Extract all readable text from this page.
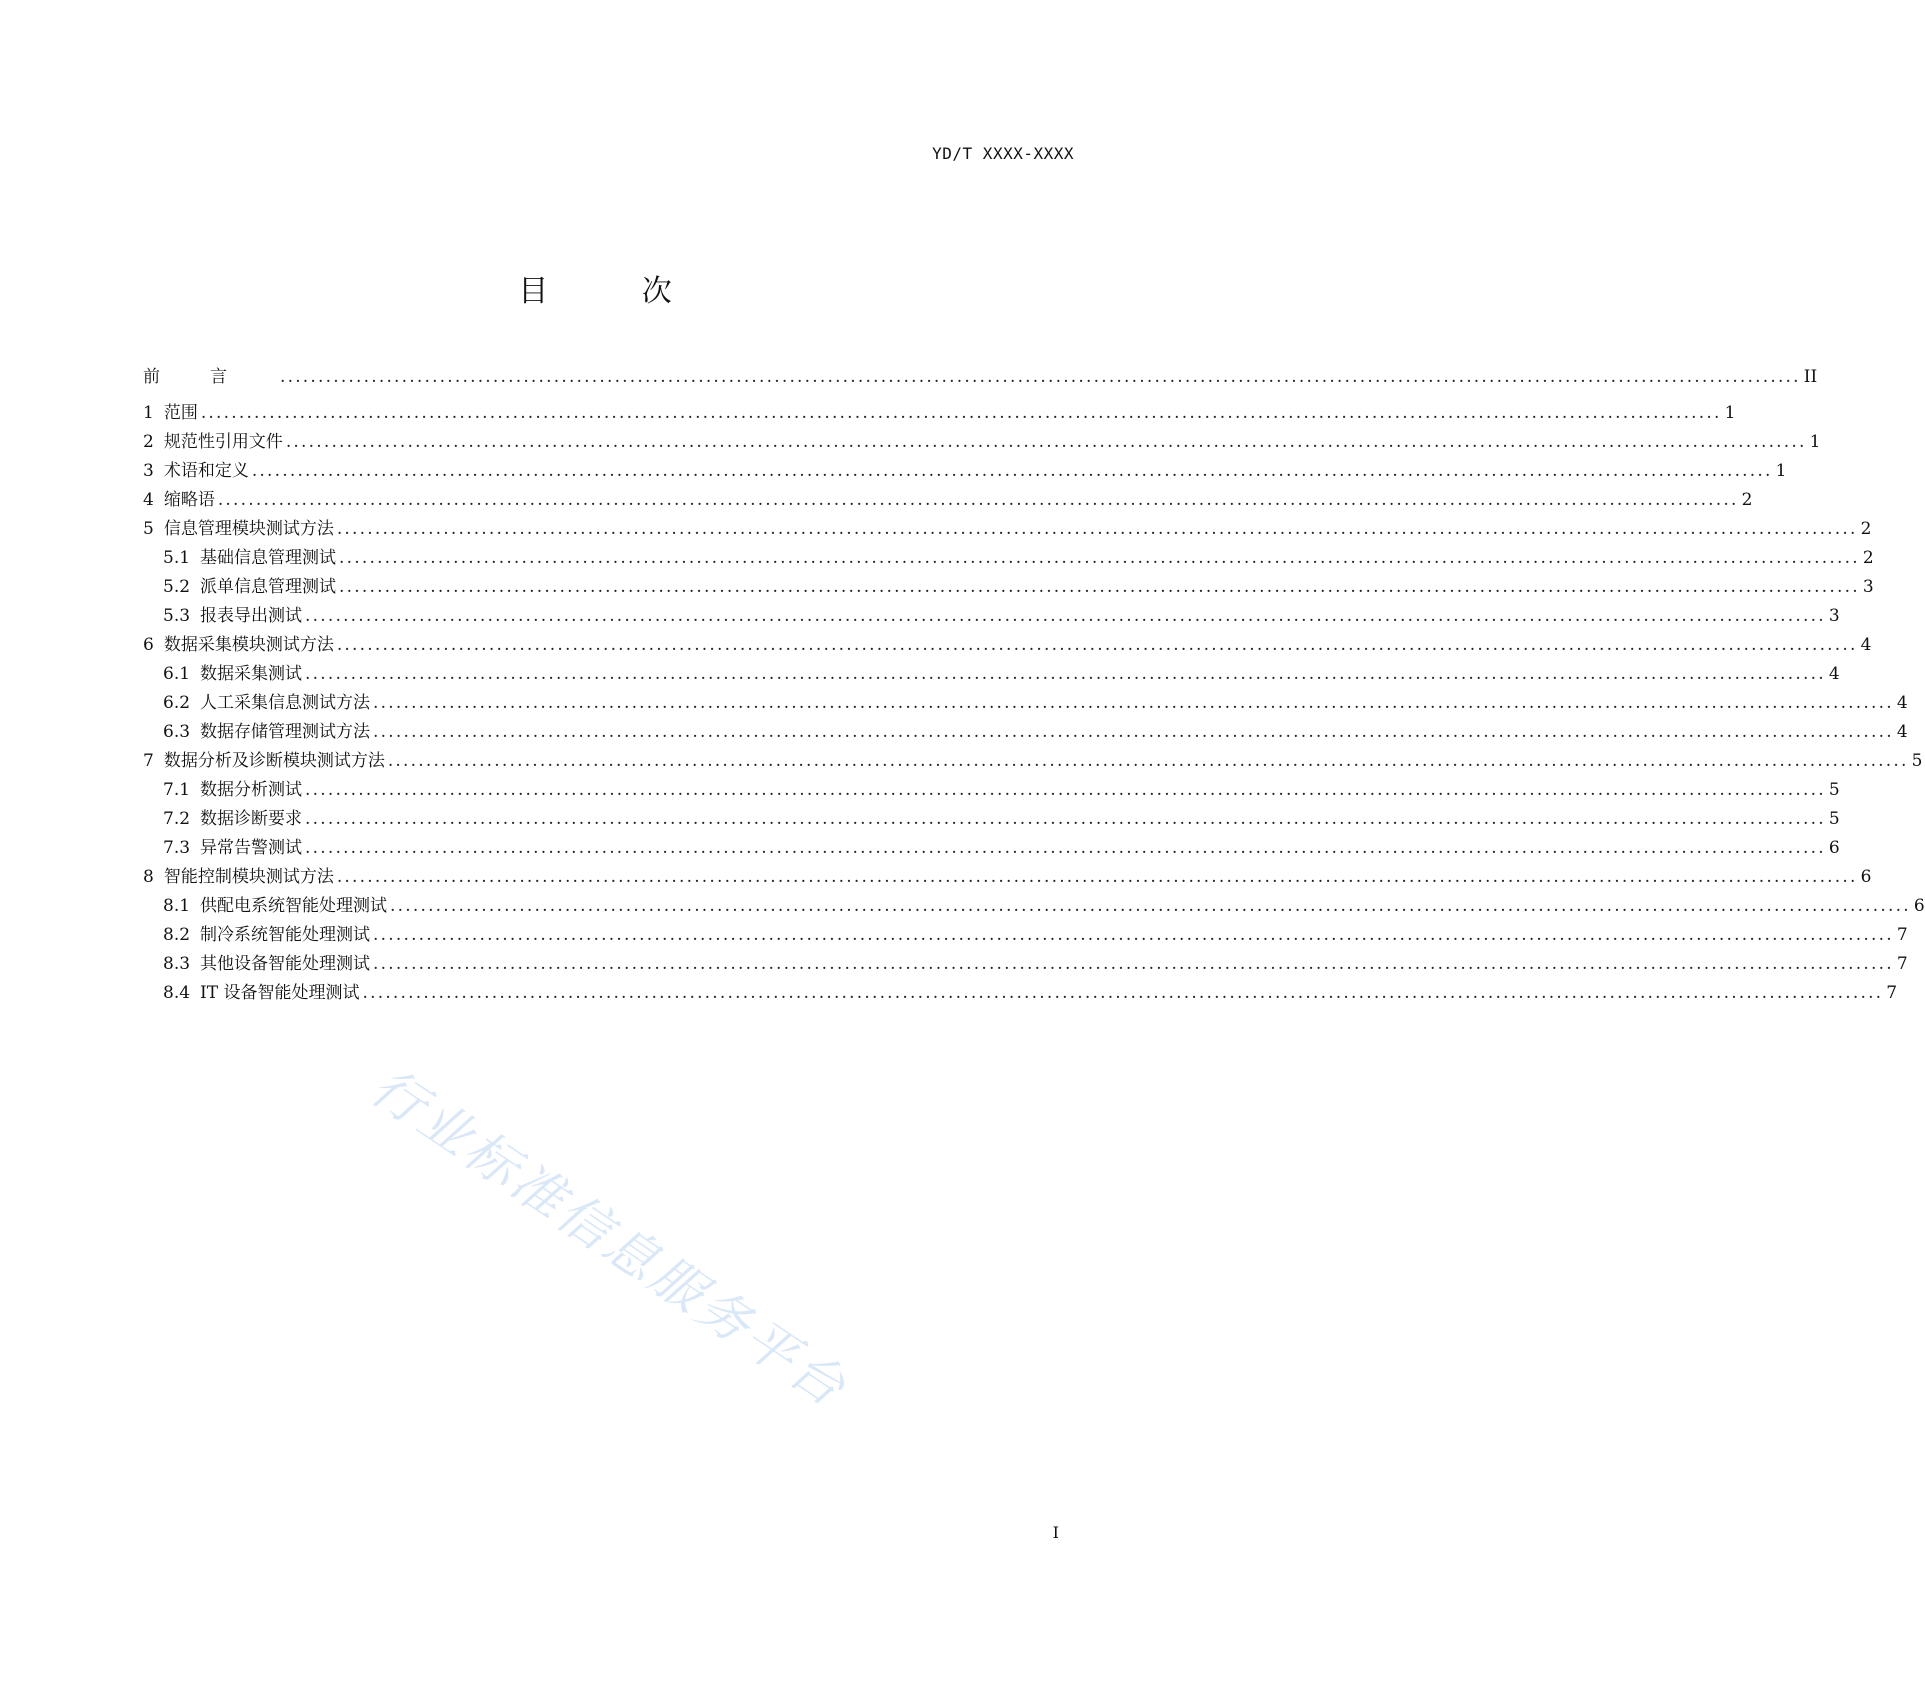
YD/T XXXX-XXXX
目 次
前言 ........................................................................................................................................................................................................ II
1 范围 ........................................................................................................................................................................................................ 1
2 规范性引用文件 ........................................................................................................................................................................................................ 1
3 术语和定义 ........................................................................................................................................................................................................ 1
4 缩略语 ........................................................................................................................................................................................................ 2
5 信息管理模块测试方法 ........................................................................................................................................................................................................ 2
5.1 基础信息管理测试 ........................................................................................................................................................................................................ 2
5.2 派单信息管理测试 ........................................................................................................................................................................................................ 3
5.3 报表导出测试 ........................................................................................................................................................................................................ 3
6 数据采集模块测试方法 ........................................................................................................................................................................................................ 4
6.1 数据采集测试 ........................................................................................................................................................................................................ 4
6.2 人工采集信息测试方法 ........................................................................................................................................................................................................ 4
6.3 数据存储管理测试方法 ........................................................................................................................................................................................................ 4
7 数据分析及诊断模块测试方法 ........................................................................................................................................................................................................ 5
7.1 数据分析测试 ........................................................................................................................................................................................................ 5
7.2 数据诊断要求 ........................................................................................................................................................................................................ 5
7.3 异常告警测试 ........................................................................................................................................................................................................ 6
8 智能控制模块测试方法 ........................................................................................................................................................................................................ 6
8.1 供配电系统智能处理测试 ........................................................................................................................................................................................................ 6
8.2 制冷系统智能处理测试 ........................................................................................................................................................................................................ 7
8.3 其他设备智能处理测试 ........................................................................................................................................................................................................ 7
8.4 IT 设备智能处理测试 ........................................................................................................................................................................................................ 7
I
行业标准信息服务平台
